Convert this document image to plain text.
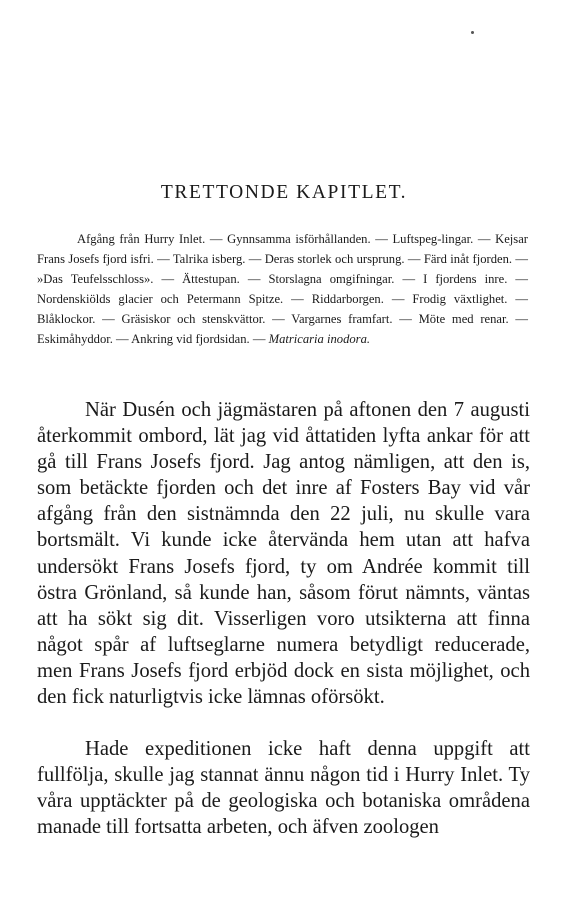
TRETTONDE KAPITLET.

Afgång från Hurry Inlet. — Gynnsamma isförhållanden. — Luftspeg-lingar. — Kejsar Frans Josefs fjord isfri. — Talrika isberg. — Deras storlek och ursprung. — Färd inåt fjorden. — »Das Teufelsschloss». — Ättestupan. — Storslagna omgifningar. — I fjordens inre. — Nordenskiölds glacier och Petermann Spitze. — Riddarborgen. — Frodig växtlighet. — Blåklockor. — Gräsiskor och stenskvättor. — Vargarnes framfart. — Möte med renar. — Eskimåhyddor. — Ankring vid fjordsidan. — Matricaria inodora.

När Dusén och jägmästaren på aftonen den 7 augusti återkommit ombord, lät jag vid åttatiden lyfta ankar för att gå till Frans Josefs fjord. Jag antog nämligen, att den is, som betäckte fjorden och det inre af Fosters Bay vid vår afgång från den sistnämnda den 22 juli, nu skulle vara bortsmält. Vi kunde icke återvända hem utan att hafva undersökt Frans Josefs fjord, ty om Andrée kommit till östra Grönland, så kunde han, såsom förut nämnts, väntas att ha sökt sig dit. Visserligen voro utsikterna att finna något spår af luftseglarne numera betydligt reducerade, men Frans Josefs fjord erbjöd dock en sista möjlighet, och den fick naturligtvis icke lämnas oförsökt.

Hade expeditionen icke haft denna uppgift att fullfölja, skulle jag stannat ännu någon tid i Hurry Inlet. Ty våra upptäckter på de geologiska och botaniska områdena manade till fortsatta arbeten, och äfven zoologen
